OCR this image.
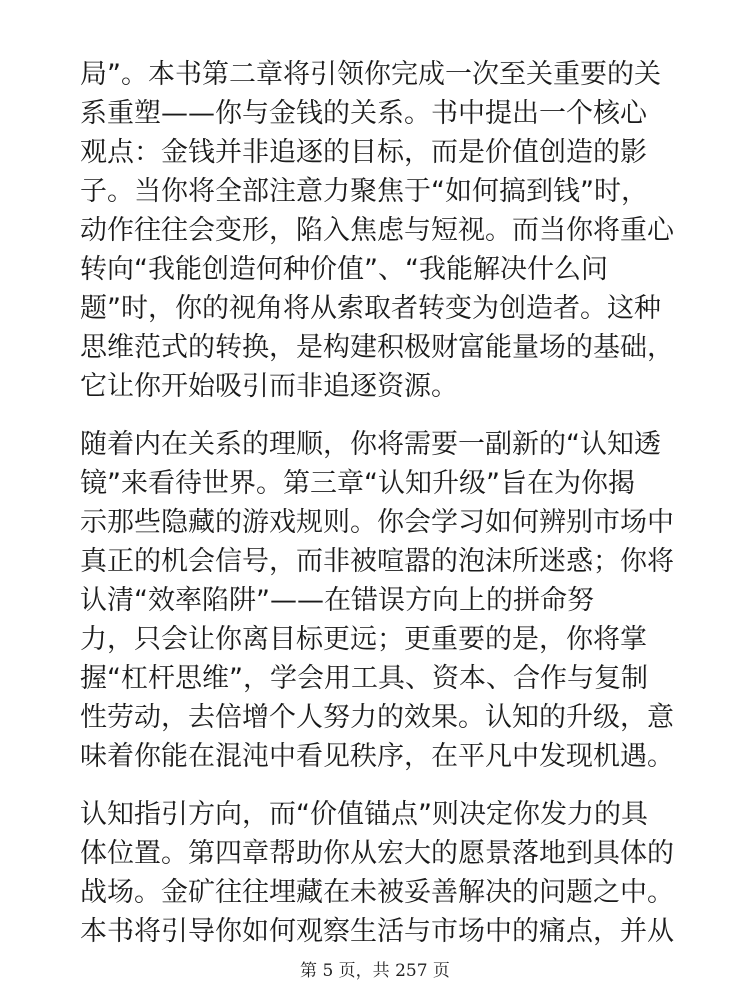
局”。本书第二章将引领你完成一次至关重要的关
系重塑——你与金钱的关系。书中提出一个核心
观点：金钱并非追逐的目标，而是价值创造的影
子。当你将全部注意力聚焦于“如何搞到钱”时，
动作往往会变形，陷入焦虑与短视。而当你将重心
转向“我能创造何种价值”、“我能解决什么问
题”时，你的视角将从索取者转变为创造者。这种
思维范式的转换，是构建积极财富能量场的基础，
它让你开始吸引而非追逐资源。
随着内在关系的理顺，你将需要一副新的“认知透
镜”来看待世界。第三章“认知升级”旨在为你揭
示那些隐藏的游戏规则。你会学习如何辨别市场中
真正的机会信号，而非被喧嚣的泡沫所迷惑；你将
认清“效率陷阱”——在错误方向上的拼命努
力，只会让你离目标更远；更重要的是，你将掌
握“杠杆思维”，学会用工具、资本、合作与复制
性劳动，去倍增个人努力的效果。认知的升级，意
味着你能在混沌中看见秩序，在平凡中发现机遇。
认知指引方向，而“价值锚点”则决定你发力的具
体位置。第四章帮助你从宏大的愿景落地到具体的
战场。金矿往往埋藏在未被妥善解决的问题之中。
本书将引导你如何观察生活与市场中的痛点，并从
第 5 页，共 257 页
